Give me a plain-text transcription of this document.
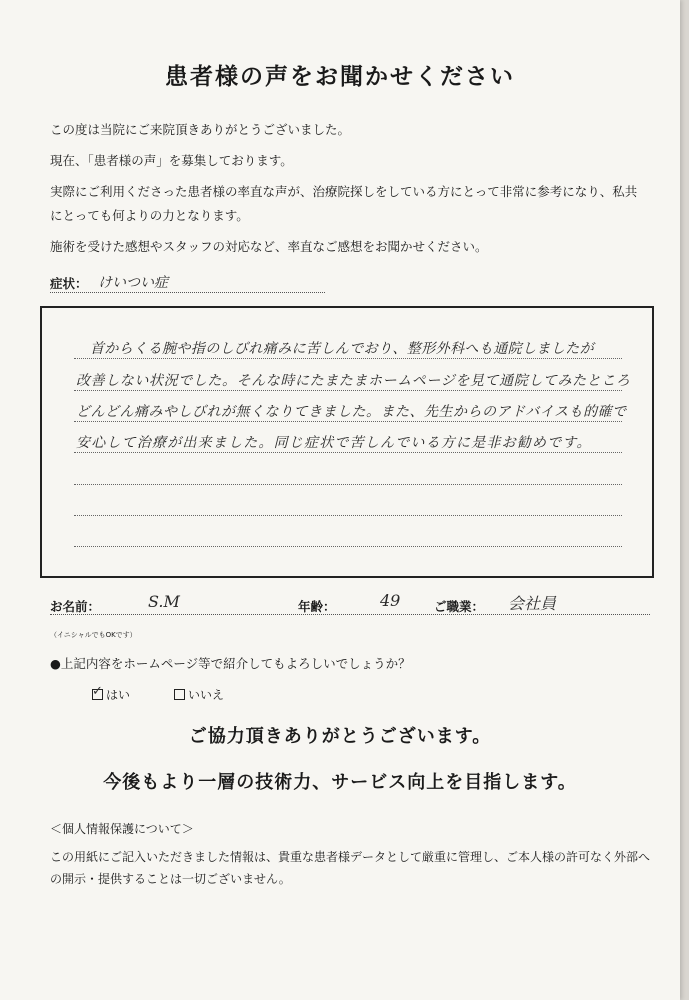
患者様の声をお聞かせください

この度は当院にご来院頂きありがとうございました。

現在、「患者様の声」を募集しております。

実際にご利用くださった患者様の率直な声が、治療院探しをしている方にとって非常に参考になり、私共にとっても何よりの力となります。

施術を受けた感想やスタッフの対応など、率直なご感想をお聞かせください。

症状： けいつい症
首からくる腕や指のしびれ痛みに苦しんでおり、整形外科へも通院しましたが
改善しない状況でした。そんな時にたまたまホームページを見て通院してみたところ
どんどん痛みやしびれが無くなりてきました。また、先生からのアドバイスも的確で
安心して治療が出来ました。同じ症状で苦しんでいる方に是非お勧めです。
お名前：	S.M	年齢：	49	ご職業： 会社員
（イニシャルでもOKです）
●上記内容をホームページ等で紹介してもよろしいでしょうか？
✓ はい	いいえ
ご協力頂きありがとうございます。
今後もより一層の技術力、サービス向上を目指します。
＜個人情報保護について＞
この用紙にご記入いただきました情報は、貴重な患者様データとして厳重に管理し、ご本人様の許可なく外部への開示・提供することは一切ございません。
